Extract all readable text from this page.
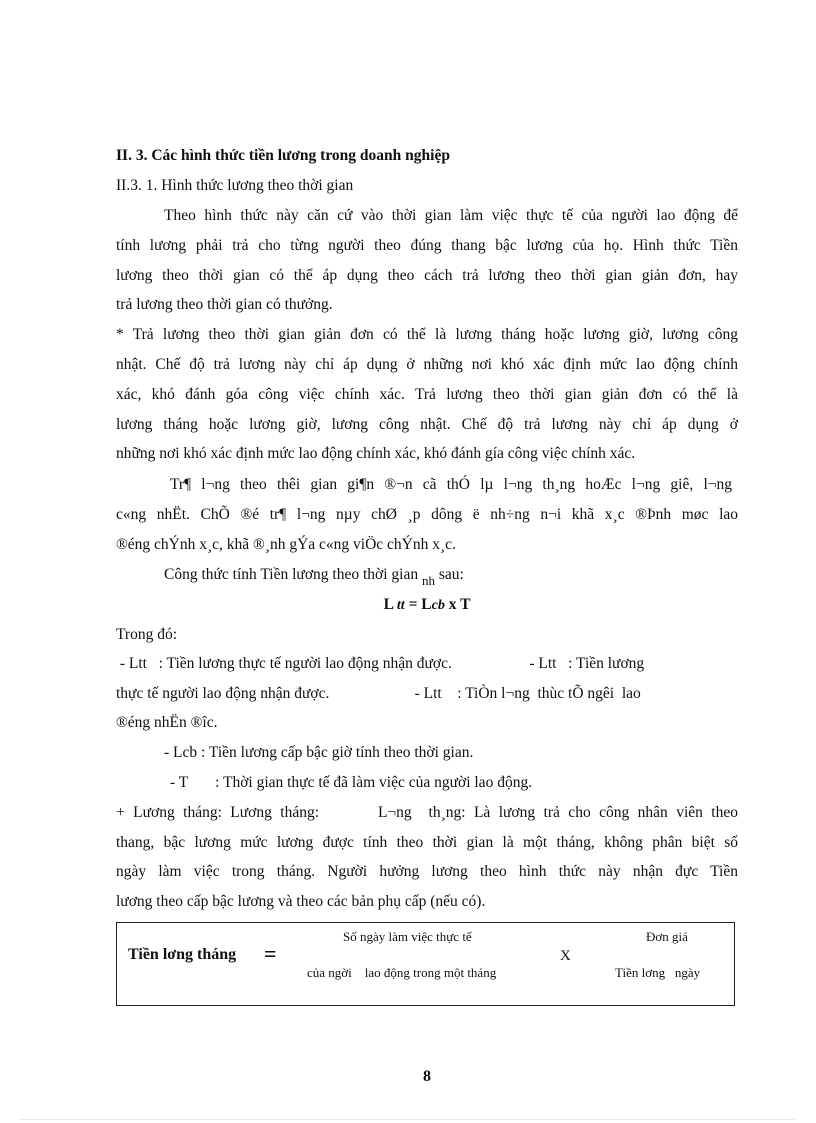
II. 3. Các hình thức tiền lương trong doanh nghiệp
II.3. 1. Hình thức lương theo thời gian
Theo hình thức này căn cứ vào thời gian làm việc thực tế của người lao động để
tính lương phải trả cho từng người theo đúng thang bậc lương của họ. Hình thức Tiền
lương theo thời gian có thể áp dụng theo cách trả lương theo thời gian giản đơn, hay
trả lương theo thời gian có thưởng.
* Trả lương theo thời gian giản đơn có thể là lương tháng hoặc lương giờ, lương công
nhật. Chế độ trả lương này chỉ áp dụng ở những nơi khó xác định mức lao động chính
xác, khó đánh góa công việc chính xác. Trả lương theo thời gian giản đơn có thể là
lương tháng hoặc lương giờ, lương công nhật. Chế độ trả lương này chỉ áp dụng ở
những nơi khó xác định mức lao động chính xác, khó đánh gía công việc chính xác.
Tr¶ l¬ng theo thêi gian gi¶n ®¬n cã thÓ lµ l¬ng th¸ng hoÆc l¬ng giê, l¬ng
c«ng nhËt. ChÕ ®é tr¶ l¬ng nµy chØ ¸p dông ë nh÷ng n¬i khã x¸c ®Þnh møc lao
®éng chÝnh x¸c, khã ®¸nh gÝa c«ng viÖc chÝnh x¸c.
Công thức tính Tiền lương theo thời gian $_{nh}$ sau:
L tt = Lcb x T
Trong đó:
- Ltt   : Tiền lương thực tế người lao động nhận được.                    - Ltt   : Tiền lương
thực tế người lao động nhận được.                      - Ltt    : TiÒn l¬ng  thùc tÕ ngêi  lao
®éng nhËn ®îc.
- Lcb : Tiền lương cấp bậc giờ tính theo thời gian.
- T       : Thời gian thực tế đã làm việc của người lao động.
+ Lương tháng: Lương tháng:       L¬ng  th¸ng: Là lương trả cho công nhân viên theo
thang, bậc lương mức lương được tính theo thời gian là một tháng, không phân biệt số
ngày làm việc trong tháng. Người hưởng lương theo hình thức này nhận đực Tiền
lương theo cấp bậc lương và theo các bản phụ cấp (nếu có).
Tiền lơng tháng =
Số ngày làm việc thực tế
của ngời    lao động trong một tháng
X
Đơn giá
Tiền lơng   ngày
8
